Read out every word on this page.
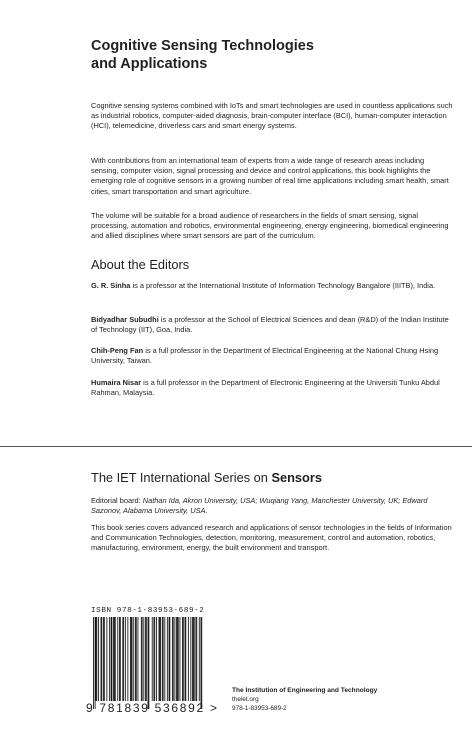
Cognitive Sensing Technologies
and Applications
Cognitive sensing systems combined with IoTs and smart technologies are used in countless applications such as industrial robotics, computer-aided diagnosis, brain-computer interface (BCI), human-computer interaction (HCI), telemedicine, driverless cars and smart energy systems.
With contributions from an international team of experts from a wide range of research areas including sensing, computer vision, signal processing and device and control applications, this book highlights the emerging role of cognitive sensors in a growing number of real time applications including smart health, smart cities, smart transportation and smart agriculture.
The volume will be suitable for a broad audience of researchers in the fields of smart sensing, signal processing, automation and robotics, environmental engineering, energy engineering, biomedical engineering and allied disciplines where smart sensors are part of the curriculum.
About the Editors
G. R. Sinha is a professor at the International Institute of Information Technology Bangalore (IIITB), India.
Bidyadhar Subudhi is a professor at the School of Electrical Sciences and dean (R&D) of the Indian Institute of Technology (IIT), Goa, India.
Chih-Peng Fan is a full professor in the Department of Electrical Engineering at the National Chung Hsing University, Taiwan.
Humaira Nisar is a full professor in the Department of Electronic Engineering at the Universiti Tunku Abdul Rahman, Malaysia.
The IET International Series on Sensors
Editorial board: Nathan Ida, Akron University, USA; Wuqiang Yang, Manchester University, UK; Edward Sazonov, Alabama University, USA.
This book series covers advanced research and applications of sensor technologies in the fields of Information and Communication Technologies, detection, monitoring, measurement, control and automation, robotics, manufacturing, environment, energy, the built environment and transport.
ISBN 978-1-83953-689-2
9 781839 536892 >
The Institution of Engineering and Technology
theiet.org
978-1-83953-689-2
